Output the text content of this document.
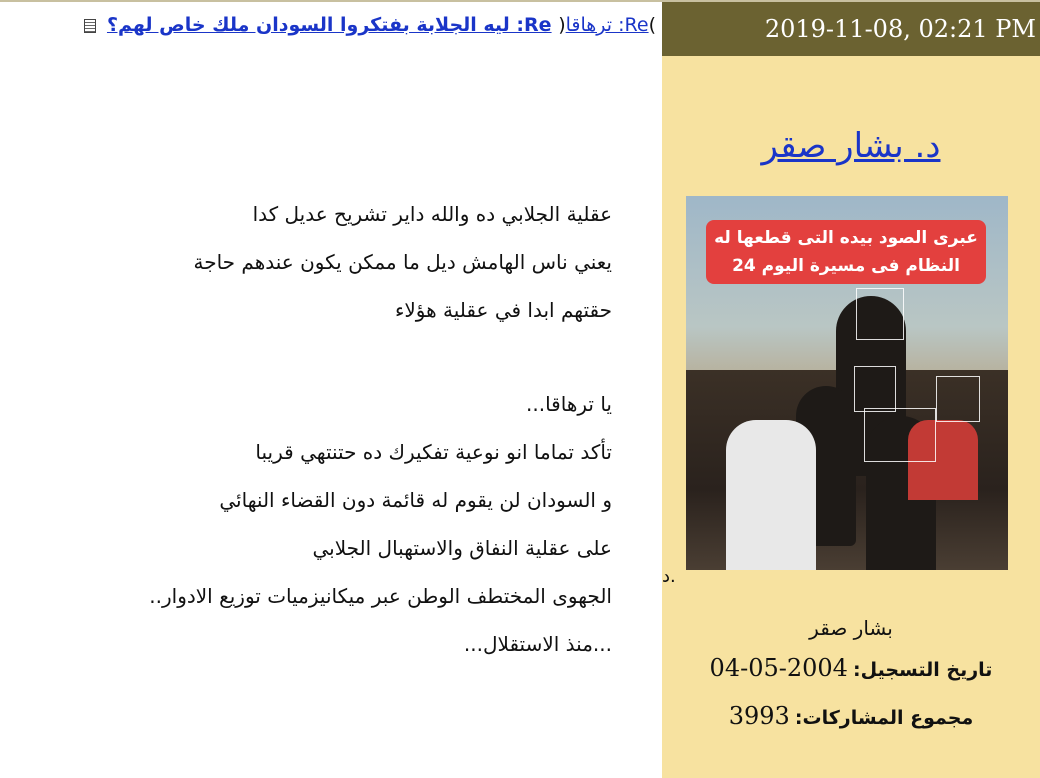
)Re: ترهاقا( Re: ليه الجلابة بفتكروا السودان ملك خاص لهم؟
عقلية الجلابي ده والله داير تشريح عديل كدا
يعني ناس الهامش ديل ما ممكن يكون عندهم حاجة
حقتهم ابدا في عقلية هؤلاء
يا ترهاقا...
تأكد تماما انو نوعية تفكيرك ده حتنتهي قريبا
و السودان لن يقوم له قائمة دون القضاء النهائي
على عقلية النفاق والاستهبال الجلابي
الجهوى المختطف الوطن عبر ميكانيزميات توزيع الادوار..
...منذ الاستقلال...
2019-11-08, 02:21 PM
د. بشار صقر
عبرى الصود بيده التى قطعها له
النظام فى مسيرة اليوم 24
د.
بشار صقر
تاريخ التسجيل: 2004-05-04
مجموع المشاركات: 3993
